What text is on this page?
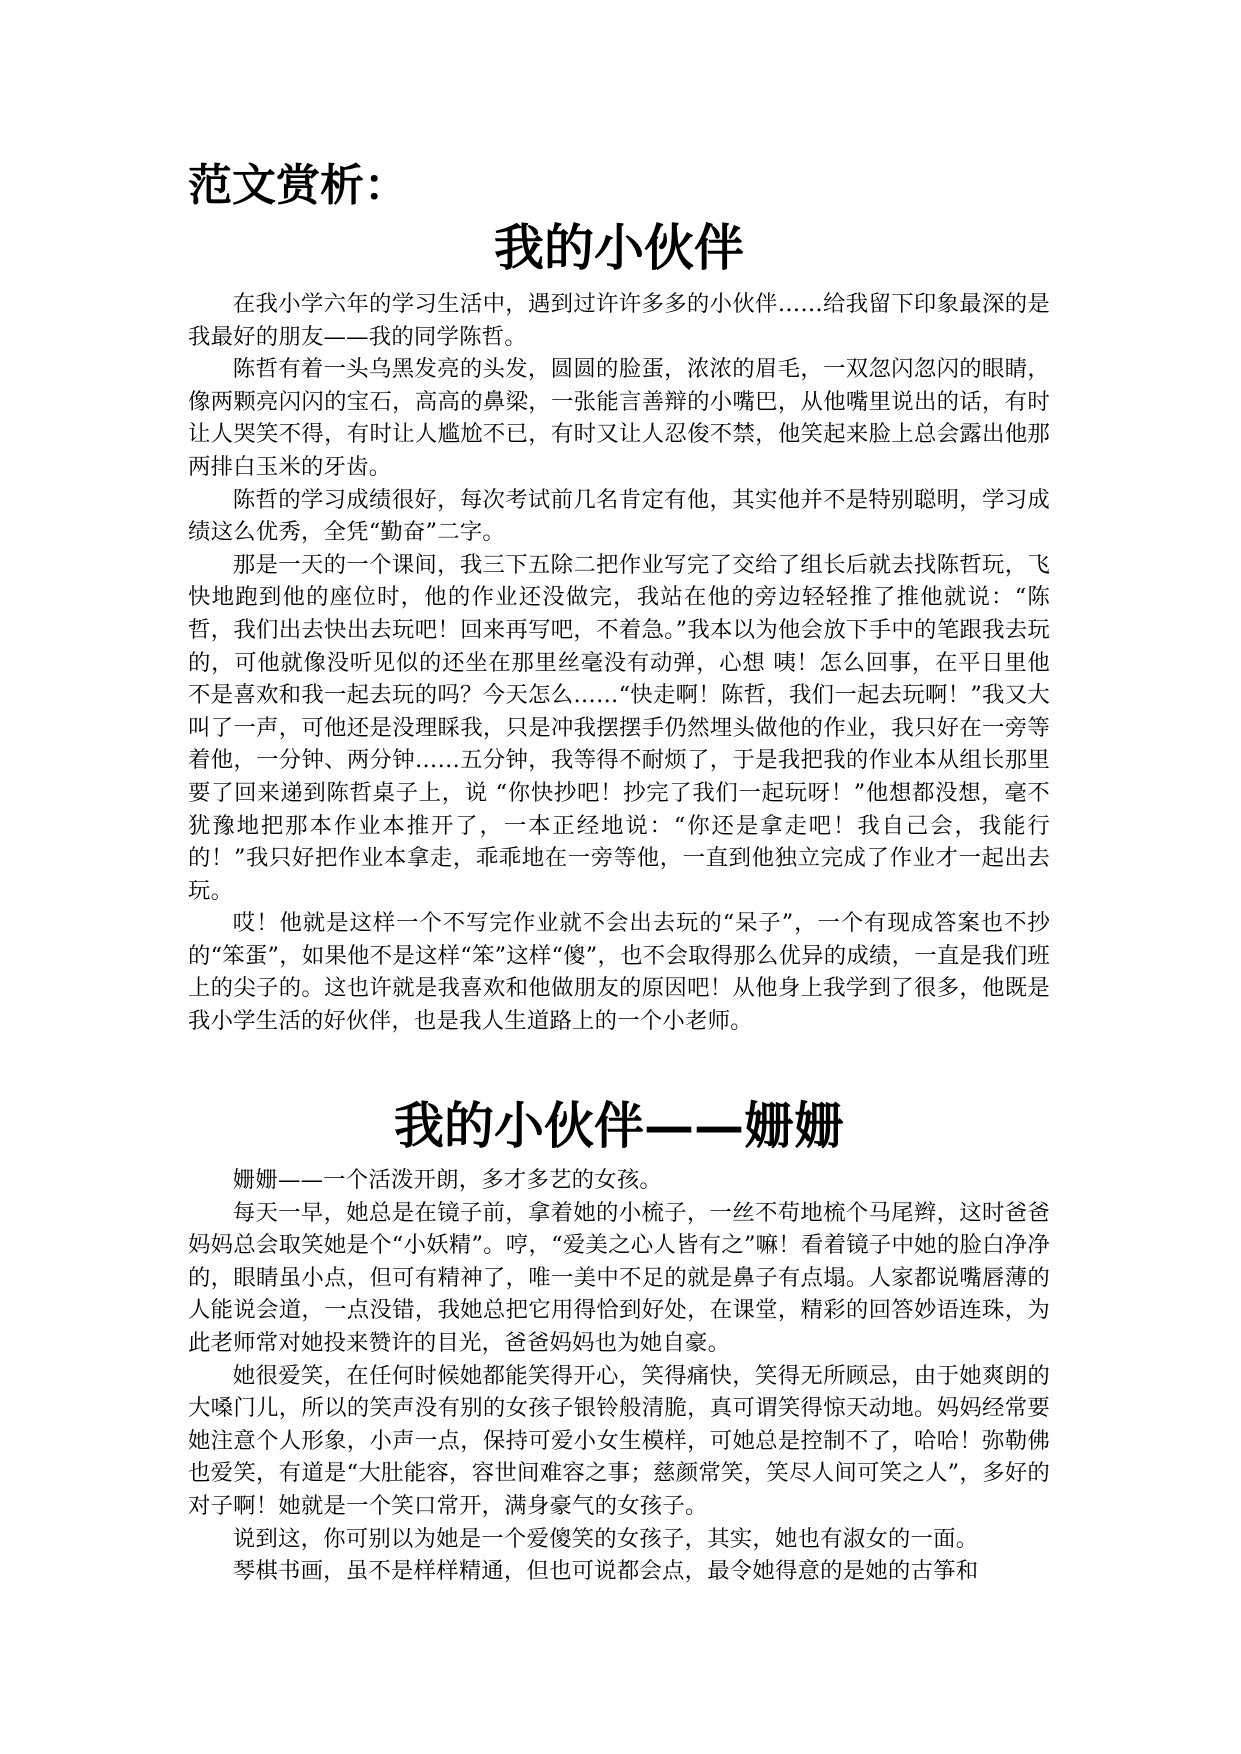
范文赏析：
我的小伙伴

在我小学六年的学习生活中，遇到过许许多多的小伙伴……给我留下印象最深的是我最好的朋友——我的同学陈哲。

陈哲有着一头乌黑发亮的头发，圆圆的脸蛋，浓浓的眉毛，一双忽闪忽闪的眼睛，像两颗亮闪闪的宝石，高高的鼻梁，一张能言善辩的小嘴巴，从他嘴里说出的话，有时让人哭笑不得，有时让人尴尬不已，有时又让人忍俊不禁，他笑起来脸上总会露出他那两排白玉米的牙齿。

陈哲的学习成绩很好，每次考试前几名肯定有他，其实他并不是特别聪明，学习成绩这么优秀，全凭“勤奋”二字。

那是一天的一个课间，我三下五除二把作业写完了交给了组长后就去找陈哲玩，飞快地跑到他的座位时，他的作业还没做完，我站在他的旁边轻轻推了推他就说：“陈哲，我们出去快出去玩吧！回来再写吧，不着急。”我本以为他会放下手中的笔跟我去玩的，可他就像没听见似的还坐在那里丝毫没有动弹，心想 咦！怎么回事，在平日里他不是喜欢和我一起去玩的吗？今天怎么……“快走啊！陈哲，我们一起去玩啊！”我又大叫了一声，可他还是没理睬我，只是冲我摆摆手仍然埋头做他的作业，我只好在一旁等着他，一分钟、两分钟……五分钟，我等得不耐烦了，于是我把我的作业本从组长那里要了回来递到陈哲桌子上，说 “你快抄吧！抄完了我们一起玩呀！”他想都没想，毫不犹豫地把那本作业本推开了，一本正经地说：“你还是拿走吧！我自己会，我能行的！”我只好把作业本拿走，乖乖地在一旁等他，一直到他独立完成了作业才一起出去玩。

哎！他就是这样一个不写完作业就不会出去玩的“呆子”，一个有现成答案也不抄的“笨蛋”，如果他不是这样“笨”这样“傻”，也不会取得那么优异的成绩，一直是我们班上的尖子的。这也许就是我喜欢和他做朋友的原因吧！从他身上我学到了很多，他既是我小学生活的好伙伴，也是我人生道路上的一个小老师。

我的小伙伴——姗姗

姗姗——一个活泼开朗，多才多艺的女孩。

每天一早，她总是在镜子前，拿着她的小梳子，一丝不苟地梳个马尾辫，这时爸爸妈妈总会取笑她是个“小妖精”。哼，“爱美之心人皆有之”嘛！看着镜子中她的脸白净净的，眼睛虽小点，但可有精神了，唯一美中不足的就是鼻子有点塌。人家都说嘴唇薄的人能说会道，一点没错，我她总把它用得恰到好处，在课堂，精彩的回答妙语连珠，为此老师常对她投来赞许的目光，爸爸妈妈也为她自豪。

她很爱笑，在任何时候她都能笑得开心，笑得痛快，笑得无所顾忌，由于她爽朗的大嗓门儿，所以的笑声没有别的女孩子银铃般清脆，真可谓笑得惊天动地。妈妈经常要她注意个人形象，小声一点，保持可爱小女生模样，可她总是控制不了，哈哈！弥勒佛也爱笑，有道是“大肚能容，容世间难容之事；慈颜常笑，笑尽人间可笑之人”，多好的对子啊！她就是一个笑口常开，满身豪气的女孩子。

说到这，你可别以为她是一个爱傻笑的女孩子，其实，她也有淑女的一面。

琴棋书画，虽不是样样精通，但也可说都会点，最令她得意的是她的古筝和
